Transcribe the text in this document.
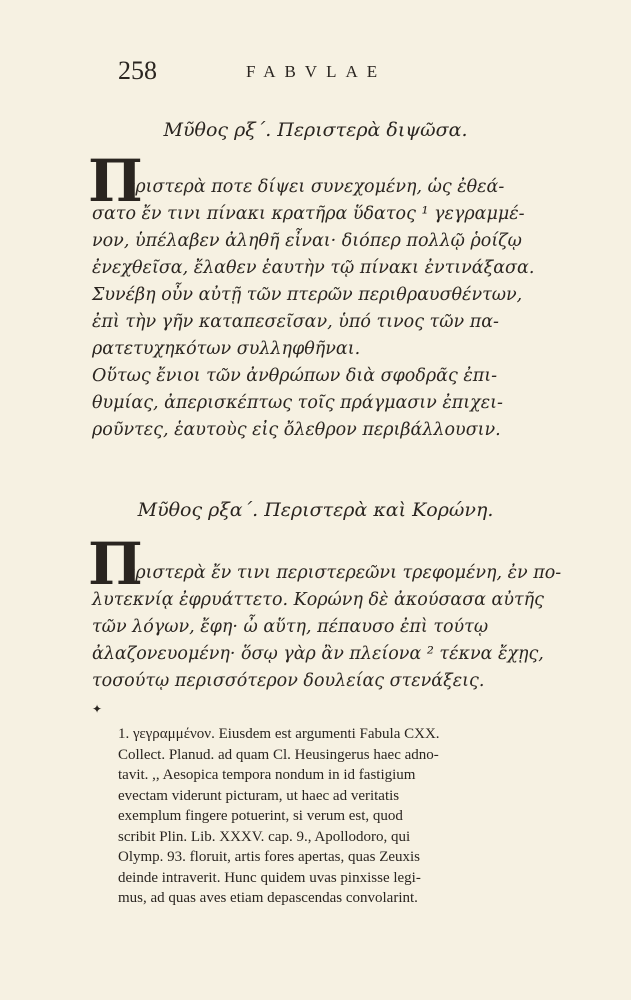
258	FABVLAE
Μῦθος ρξ΄. Περιστερὰ διψῶσα.
Π
εριστερὰ ποτε δίψει συνεχομένη, ὡς ἐθεά-
σατο ἔν τινι πίνακι κρατῆρα ὕδατος ¹ γεγραμμέ-
νον, ὑπέλαβεν ἀληθῆ εἶναι· διόπερ πολλῷ ῥοίζῳ
ἐνεχθεῖσα, ἔλαθεν ἑαυτὴν τῷ πίνακι ἐντινάξασα.
Συνέβη οὖν αὐτῇ τῶν πτερῶν περιθραυσθέντων,
ἐπὶ τὴν γῆν καταπεσεῖσαν, ὑπό τινος τῶν πα-
ρατετυχηκότων συλληφθῆναι.
Οὕτως ἔνιοι τῶν ἀνθρώπων διὰ σφοδρᾶς ἐπι-
θυμίας, ἀπερισκέπτως τοῖς πράγμασιν ἐπιχει-
ροῦντες, ἑαυτοὺς εἰς ὄλεθρον περιβάλλουσιν.
Μῦθος ρξα΄. Περιστερὰ καὶ Κορώνη.
Π
εριστερὰ ἔν τινι περιστερεῶνι τρεφομένη, ἐν πο-
λυτεκνίᾳ ἐφρυάττετο. Κορώνη δὲ ἀκούσασα αὐτῆς
τῶν λόγων, ἔφη· ὦ αὕτη, πέπαυσο ἐπὶ τούτῳ
ἀλαζονευομένη· ὅσῳ γὰρ ἂν πλείονα ² τέκνα ἔχῃς,
τοσούτῳ περισσότερον δουλείας στενάξεις.
✦
1. γεγραμμένον. Eiusdem est argumenti Fabula CXX.
Collect. Planud. ad quam Cl. Heusingerus haec adno-
tavit. ,, Aesopica tempora nondum in id fastigium
evectam viderunt picturam, ut haec ad veritatis
exemplum fingere potuerint, si verum est, quod
scribit Plin. Lib. XXXV. cap. 9., Apollodoro, qui
Olymp. 93. floruit, artis fores apertas, quas Zeuxis
deinde intraverit. Hunc quidem uvas pinxisse legi-
mus, ad quas aves etiam depascendas convolarint.
